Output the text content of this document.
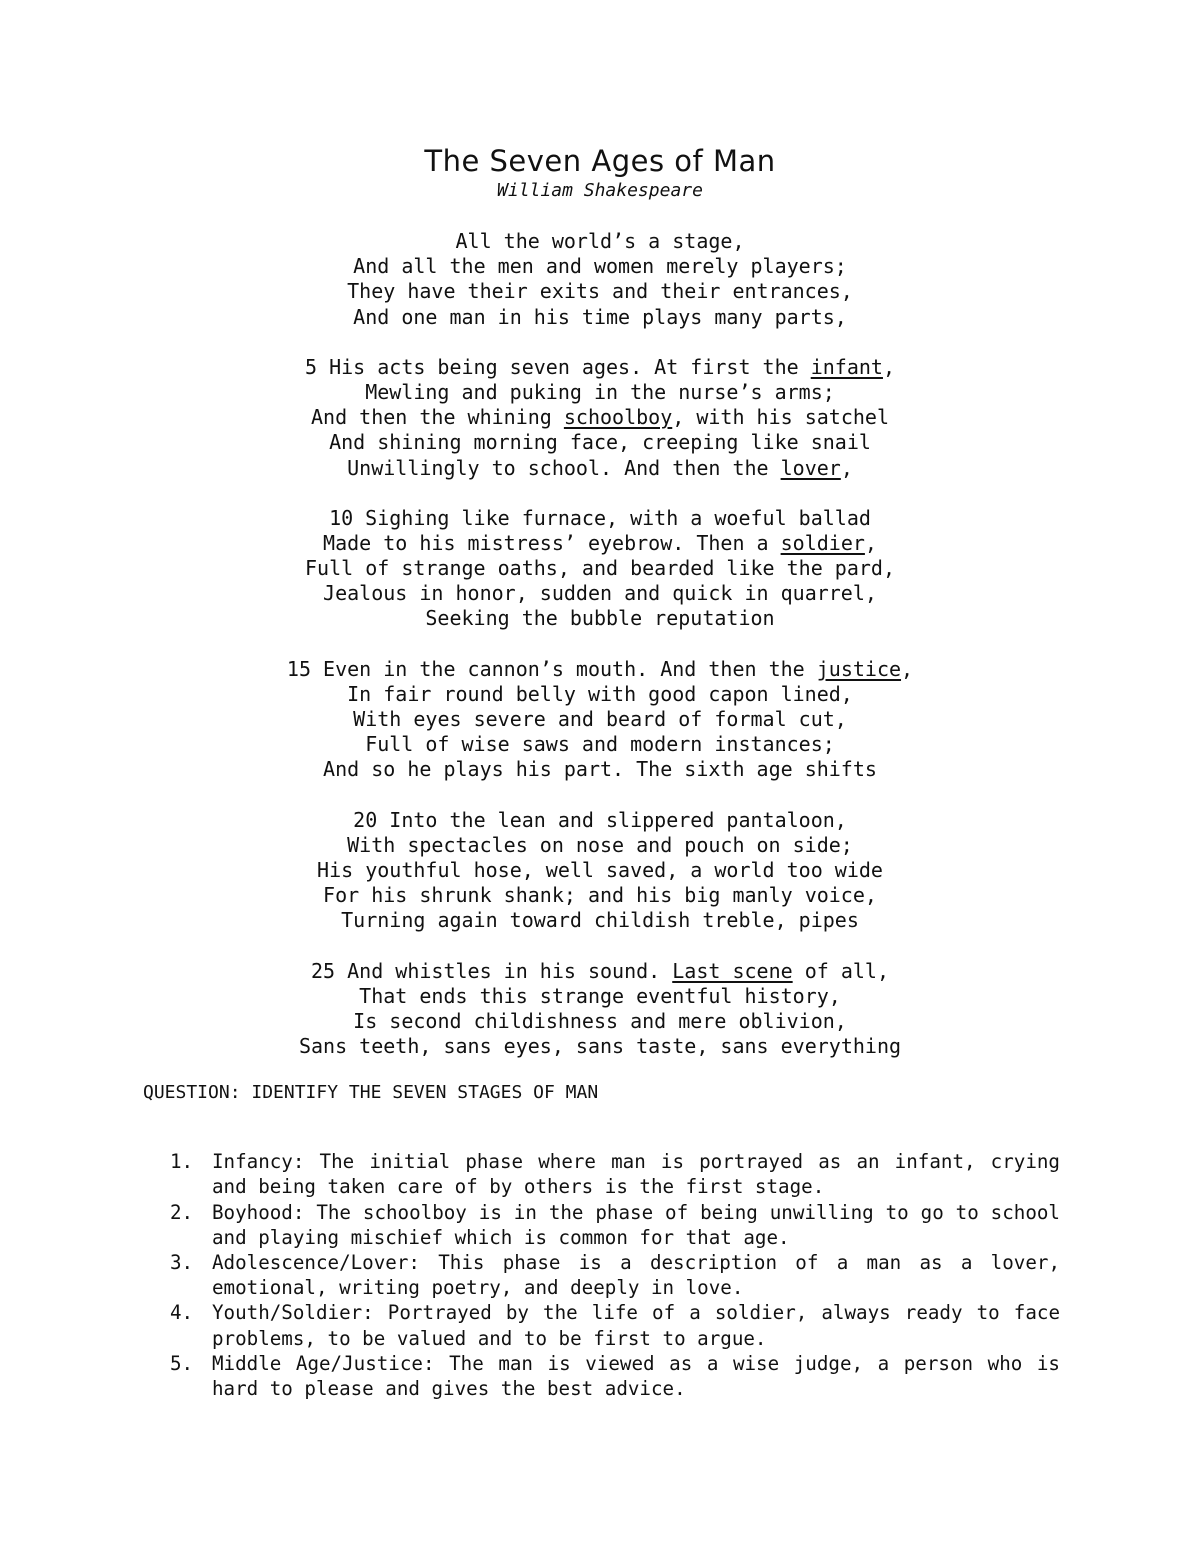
The Seven Ages of Man

William Shakespeare

All the world’s a stage,
And all the men and women merely players;
They have their exits and their entrances,
And one man in his time plays many parts,
5 His acts being seven ages. At first the infant,
Mewling and puking in the nurse’s arms;
And then the whining schoolboy, with his satchel
And shining morning face, creeping like snail
Unwillingly to school. And then the lover,
10 Sighing like furnace, with a woeful ballad
Made to his mistress’ eyebrow. Then a soldier,
Full of strange oaths, and bearded like the pard,
Jealous in honor, sudden and quick in quarrel,
Seeking the bubble reputation
15 Even in the cannon’s mouth. And then the justice,
In fair round belly with good capon lined,
With eyes severe and beard of formal cut,
Full of wise saws and modern instances;
And so he plays his part. The sixth age shifts
20 Into the lean and slippered pantaloon,
With spectacles on nose and pouch on side;
His youthful hose, well saved, a world too wide
For his shrunk shank; and his big manly voice,
Turning again toward childish treble, pipes
25 And whistles in his sound. Last scene of all,
That ends this strange eventful history,
Is second childishness and mere oblivion,
Sans teeth, sans eyes, sans taste, sans everything
QUESTION: IDENTIFY THE SEVEN STAGES OF MAN
1. Infancy: The initial phase where man is portrayed as an infant, crying and being taken care of by others is the first stage.
2. Boyhood: The schoolboy is in the phase of being unwilling to go to school and playing mischief which is common for that age.
3. Adolescence/Lover: This phase is a description of a man as a lover, emotional, writing poetry, and deeply in love.
4. Youth/Soldier: Portrayed by the life of a soldier, always ready to face problems, to be valued and to be first to argue.
5. Middle Age/Justice: The man is viewed as a wise judge, a person who is hard to please and gives the best advice.
